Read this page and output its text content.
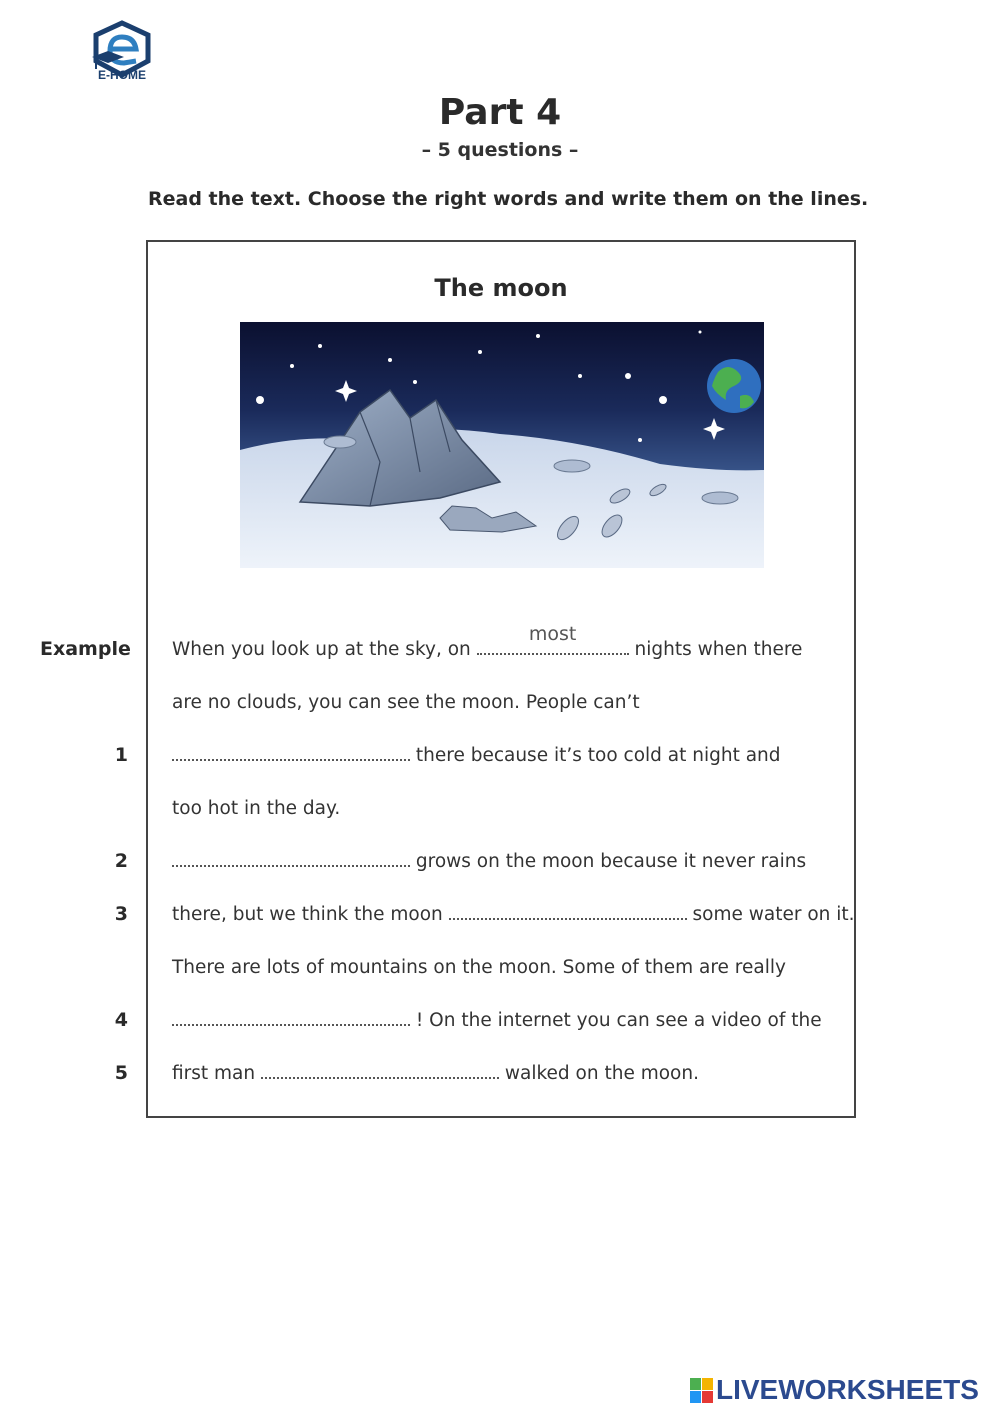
E-HOME
Part 4
– 5 questions –
Read the text. Choose the right words and write them on the lines.
The moon
Example When you look up at the sky, on
most
nights when there
are no clouds, you can see the moon. People can’t
1	there because it’s too cold at night and
too hot in the day.
2	grows on the moon because it never rains
3 there, but we think the moon	some water on it.
There are lots of mountains on the moon. Some of them are really
4	! On the internet you can see a video of the
5 first man	walked on the moon.
LIVEWORKSHEETS
